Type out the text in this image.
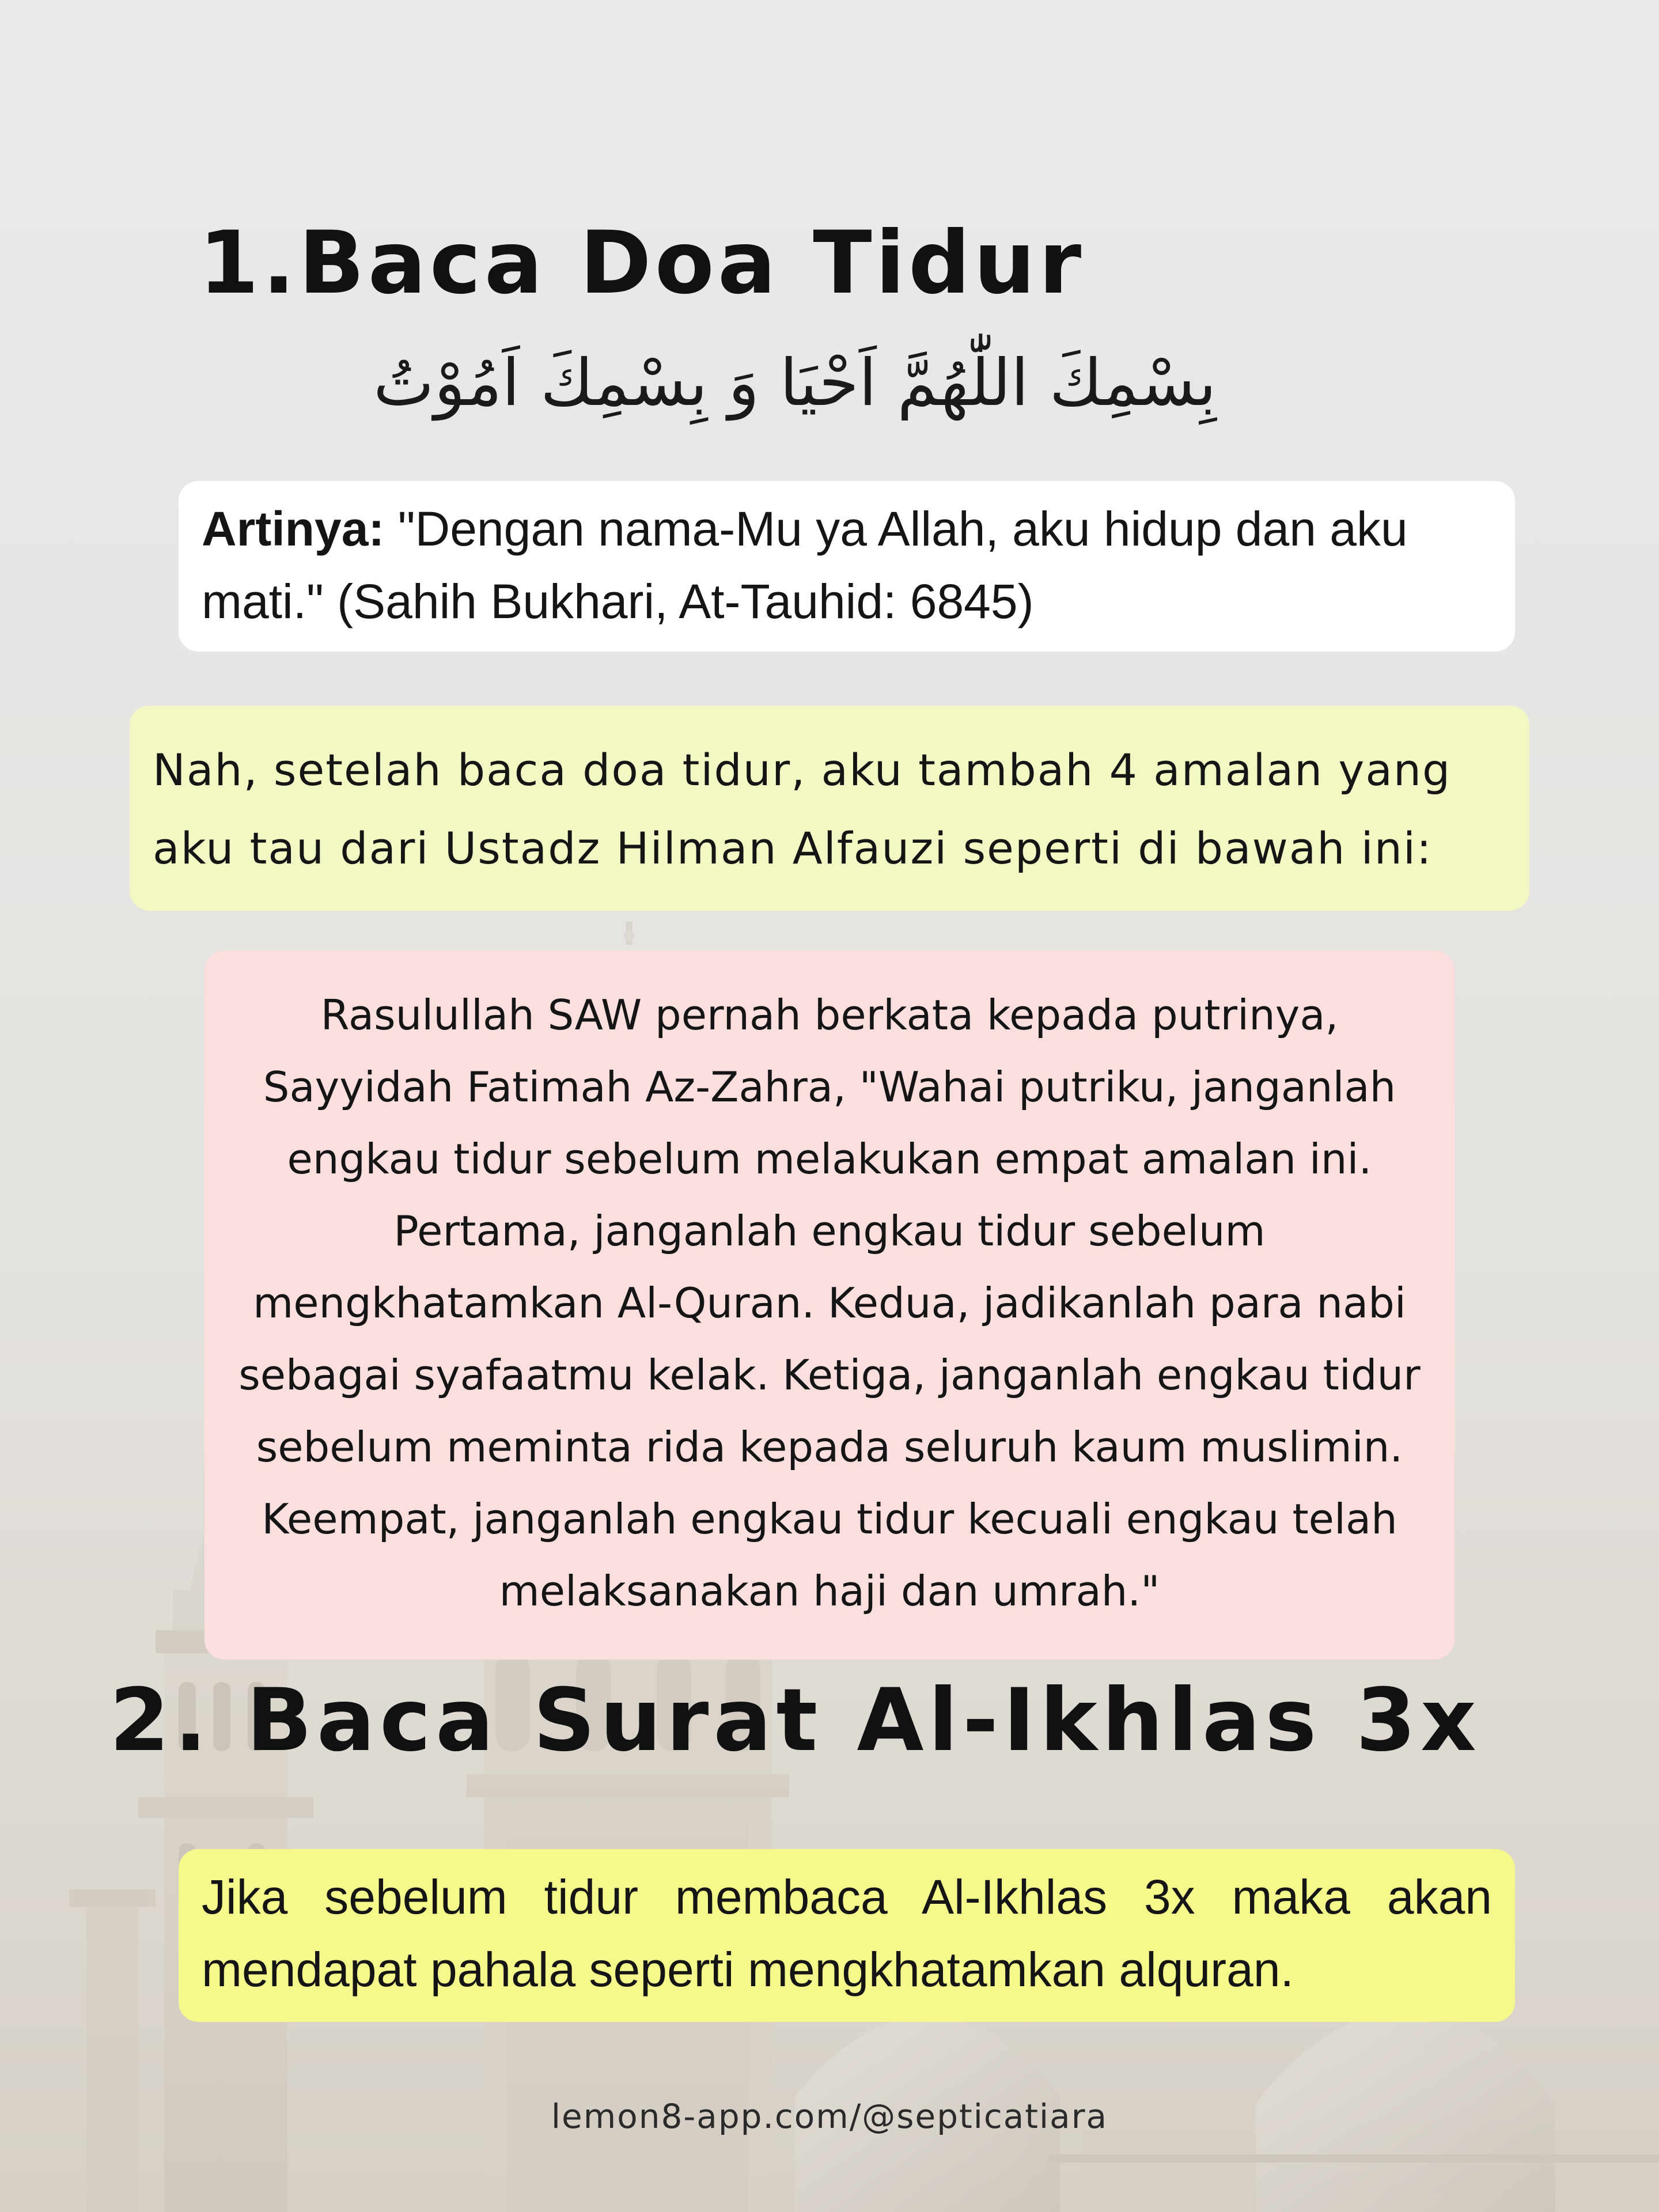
1.Baca Doa Tidur
بِسْمِكَ اللّٰهُمَّ اَحْيَا وَ بِسْمِكَ اَمُوْتُ
Artinya: "Dengan nama-Mu ya Allah, aku hidup dan aku mati." (Sahih Bukhari, At-Tauhid: 6845)
Nah, setelah baca doa tidur, aku tambah 4 amalan yang aku tau dari Ustadz Hilman Alfauzi seperti di bawah ini:
Rasulullah SAW pernah berkata kepada putrinya, Sayyidah Fatimah Az-Zahra, "Wahai putriku, janganlah engkau tidur sebelum melakukan empat amalan ini. Pertama, janganlah engkau tidur sebelum mengkhatamkan Al-Quran. Kedua, jadikanlah para nabi sebagai syafaatmu kelak. Ketiga, janganlah engkau tidur sebelum meminta rida kepada seluruh kaum muslimin. Keempat, janganlah engkau tidur kecuali engkau telah melaksanakan haji dan umrah."
2. Baca Surat Al-Ikhlas 3x
Jika sebelum tidur membaca Al-Ikhlas 3x maka akan mendapat pahala seperti mengkhatamkan alquran.
lemon8-app.com/@septicatiara
